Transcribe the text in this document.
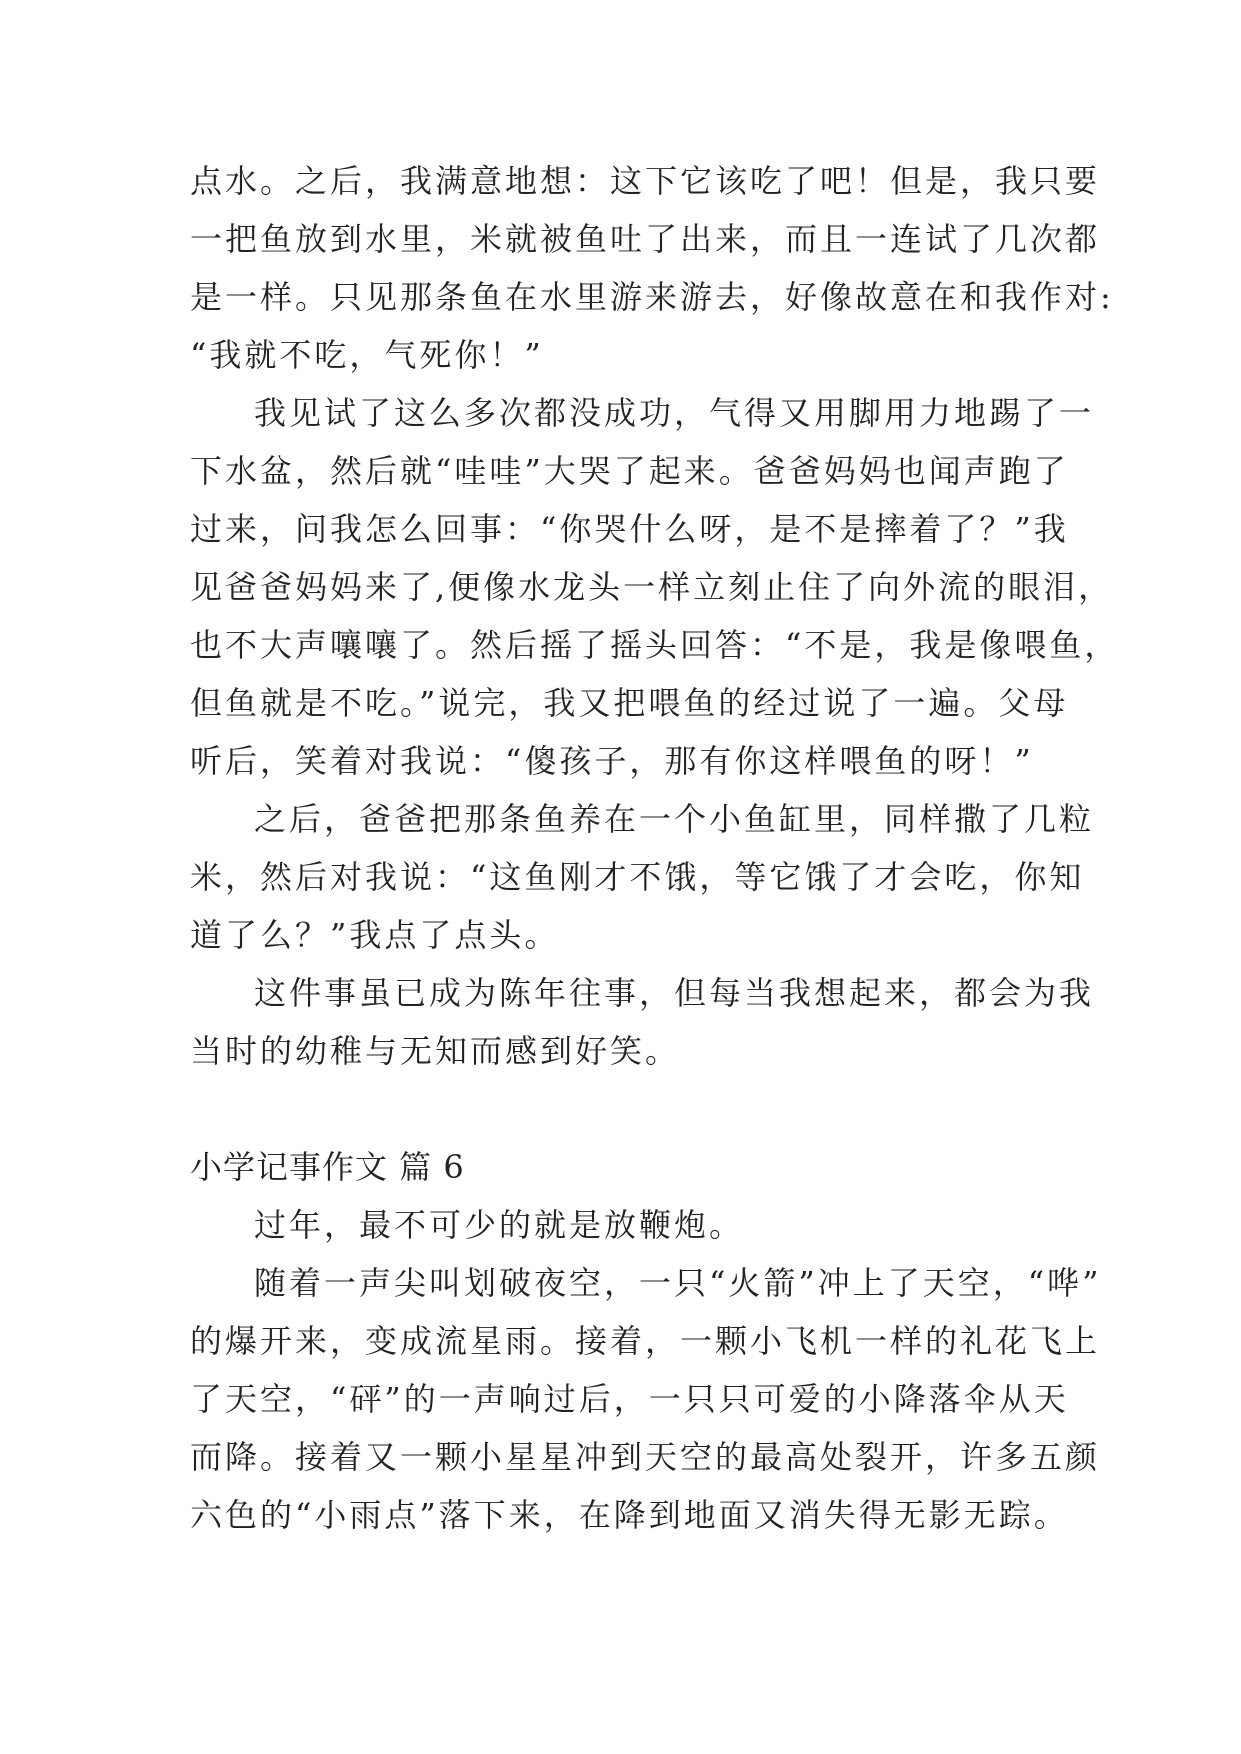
点水。之后，我满意地想：这下它该吃了吧！但是，我只要
一把鱼放到水里，米就被鱼吐了出来，而且一连试了几次都
是一样。只见那条鱼在水里游来游去，好像故意在和我作对:
“我就不吃，气死你！”
我见试了这么多次都没成功，气得又用脚用力地踢了一
下水盆，然后就“哇哇”大哭了起来。爸爸妈妈也闻声跑了
过来，问我怎么回事：“你哭什么呀，是不是摔着了？”我
见爸爸妈妈来了,便像水龙头一样立刻止住了向外流的眼泪，
也不大声嚷嚷了。然后摇了摇头回答：“不是，我是像喂鱼，
但鱼就是不吃。”说完，我又把喂鱼的经过说了一遍。父母
听后，笑着对我说：“傻孩子，那有你这样喂鱼的呀！”
之后，爸爸把那条鱼养在一个小鱼缸里，同样撒了几粒
米，然后对我说：“这鱼刚才不饿，等它饿了才会吃，你知
道了么？”我点了点头。
这件事虽已成为陈年往事，但每当我想起来，都会为我
当时的幼稚与无知而感到好笑。
小学记事作文 篇 6
过年，最不可少的就是放鞭炮。
随着一声尖叫划破夜空，一只“火箭”冲上了天空，“哗”
的爆开来，变成流星雨。接着，一颗小飞机一样的礼花飞上
了天空，“砰”的一声响过后，一只只可爱的小降落伞从天
而降。接着又一颗小星星冲到天空的最高处裂开，许多五颜
六色的“小雨点”落下来，在降到地面又消失得无影无踪。
